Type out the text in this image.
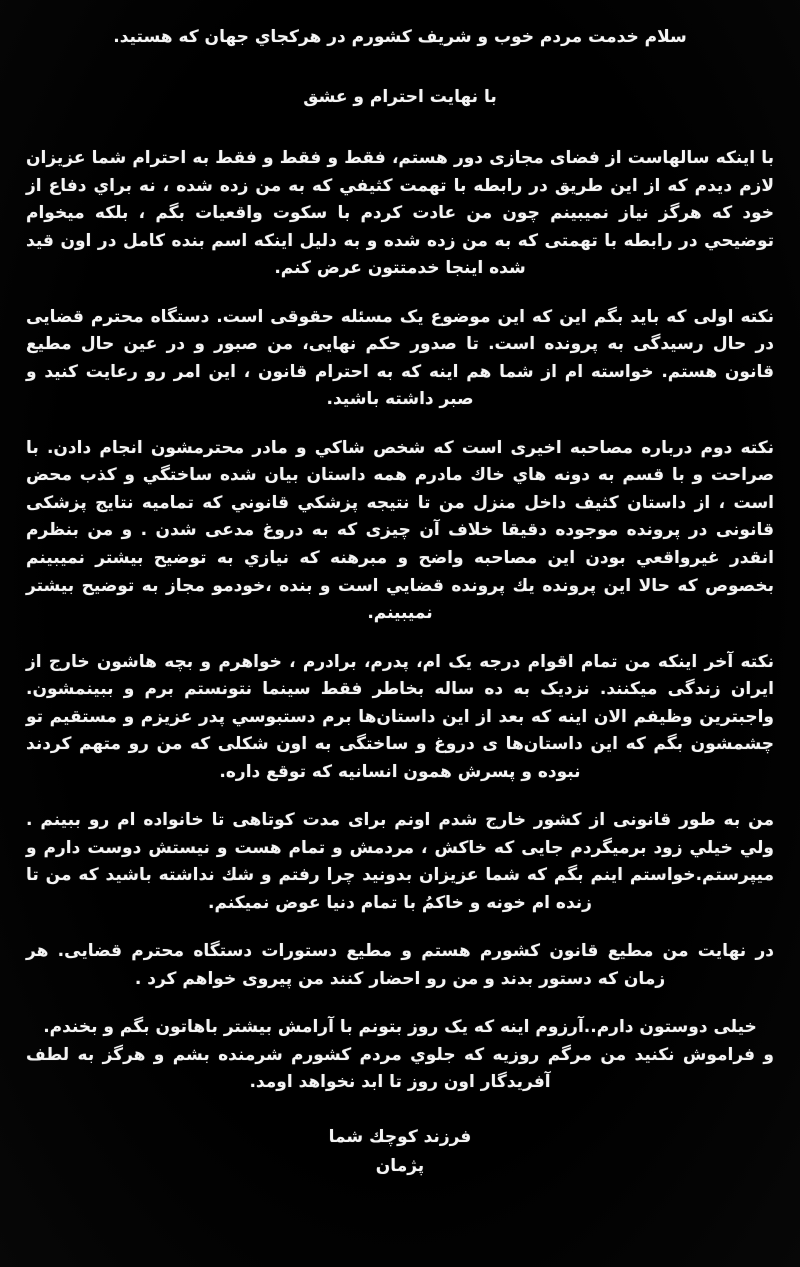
سلام خدمت مردم خوب و شریف کشورم در هرکجاي جهان که هستید.

با نهایت احترام و عشق

با اینکه سالهاست از فضای مجازی دور هستم، فقط و فقط و فقط به احترام شما عزیزان لازم دیدم که از این طریق در رابطه با تهمت کثیفي که به من زده شده ، نه براي دفاع از خود که هرگز نیاز نمیبینم چون من عادت کردم با سکوت واقعیات بگم ، بلکه میخوام توضیحي در رابطه با تهمتی که به من زده شده و به دلیل اینکه اسم بنده کامل در اون قید شده اینجا خدمتتون عرض کنم.

نکته اولی که باید بگم این که این موضوع یک مسئله حقوقی است. دستگاه محترم قضایی در حال رسیدگی به پرونده است. تا صدور حکم نهایی، من صبور و در عین حال مطیع قانون هستم. خواسته ام از شما هم اینه که به احترام قانون ، این امر رو رعایت کنید و صبر داشته باشید.

نکته دوم درباره مصاحبه اخیری است که شخص شاکي و مادر محترمشون انجام دادن. با صراحت و با قسم به دونه هاي خاك مادرم همه داستان بیان شده ساختگي و کذب محض است ، از داستان کثیف داخل منزل من تا نتیجه پزشکي قانوني که تمامیه نتایج پزشکی قانونی در پرونده موجوده دقیقا خلاف آن چیزی که به دروغ مدعی شدن . و من بنظرم انقدر غیرواقعي بودن این مصاحبه واضح و مبرهنه که نیازي به توضیح بیشتر نمیبینم بخصوص که حالا این پرونده یك پرونده قضایي است و بنده ،خودمو مجاز به توضیح بیشتر نمیبینم.

نکته آخر اینکه من تمام اقوام درجه یک ام، پدرم، برادرم ، خواهرم و بچه هاشون خارج از ایران زندگی میکنند. نزدیک به ده ساله بخاطر فقط سینما نتونستم برم و ببینمشون. واجبترین وظیفم الان اینه که بعد از این داستان‌ها برم دستبوسي پدر عزیزم و مستقیم تو چشمشون بگم که این داستان‌ها ی دروغ و ساختگی به اون شکلی که من رو متهم کردند نبوده و پسرش همون انسانیه که توقع داره.

من به طور قانونی از کشور خارج شدم اونم برای مدت کوتاهی تا خانواده ام رو ببینم . ولي خیلي زود برمیگردم جایی که خاکش ، مردمش و تمام هست و نیستش دوست دارم و میپرستم.خواستم اینم بگم که شما عزیزان بدونید چرا رفتم و شك نداشته باشید که من تا زنده ام خونه و خاکمُ با تمام دنیا عوض نمیکنم.

در نهایت من مطیع قانون کشورم هستم و مطیع دستورات دستگاه محترم قضایی. هر زمان که دستور بدند و من رو احضار کنند من پیروی خواهم کرد .

خیلی دوستون دارم..آرزوم اینه که یک روز بتونم با آرامش بیشتر باهاتون بگم و بخندم.

و فراموش نکنید من مرگم روزیه که جلوي مردم کشورم شرمنده بشم و هرگز به لطف آفریدگار اون روز تا ابد نخواهد اومد.

فرزند کوچك شما

پژمان
